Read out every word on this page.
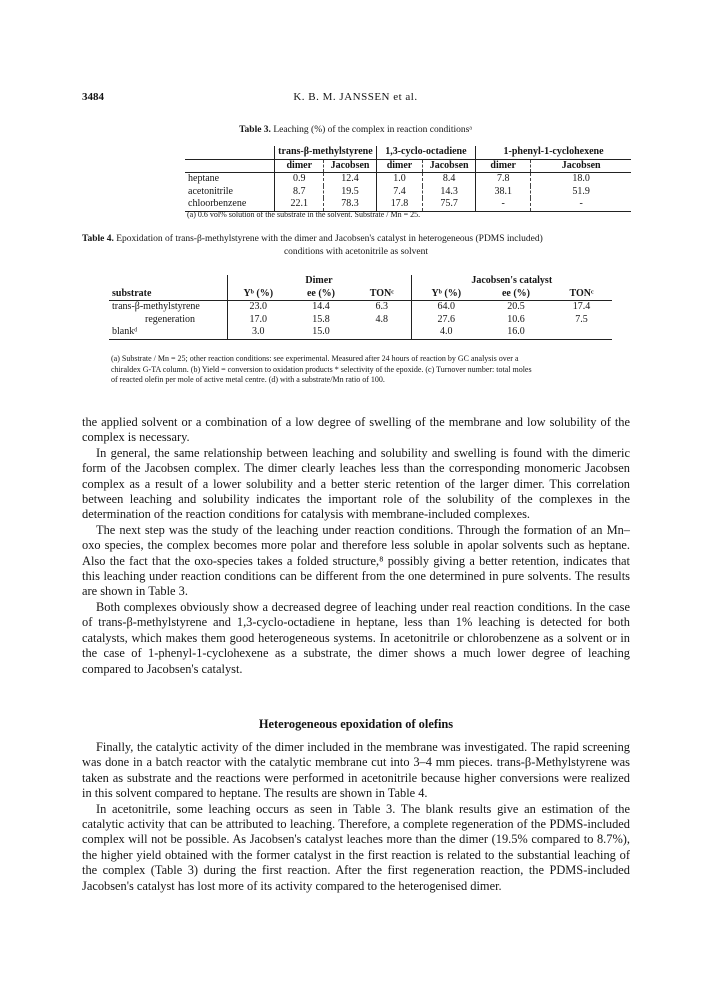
3484	K. B. M. JANSSEN et al.
Table 3. Leaching (%) of the complex in reaction conditionsᵃ
	trans-β-methylstyrene		1,3-cyclo-octadiene		1-phenyl-1-cyclohexene	
	dimer	Jacobsen	dimer	Jacobsen	dimer	Jacobsen
heptane	0.9	12.4	1.0	8.4	7.8	18.0
acetonitrile	8.7	19.5	7.4	14.3	38.1	51.9
chloorbenzene	22.1	78.3	17.8	75.7	-	-
(a) 0.6 vol% solution of the substrate in the solvent. Substrate / Mn = 25.
Table 4. Epoxidation of trans-β-methylstyrene with the dimer and Jacobsen's catalyst in heterogeneous (PDMS included)
conditions with acetonitrile as solvent
	Dimer			Jacobsen's catalyst		
substrate	Yᵇ (%)	ee (%)	TONᶜ	Yᵇ (%)	ee (%)	TONᶜ
trans-β-methylstyrene	23.0	14.4	6.3	64.0	20.5	17.4
regeneration	17.0	15.8	4.8	27.6	10.6	7.5
blankᵈ	3.0	15.0		4.0	16.0	
(a) Substrate / Mn = 25; other reaction conditions: see experimental. Measured after 24 hours of reaction by GC analysis over a
chiraldex G-TA column. (b) Yield = conversion to oxidation products * selectivity of the epoxide. (c) Turnover number: total moles
of reacted olefin per mole of active metal centre. (d) with a substrate/Mn ratio of 100.

the applied solvent or a combination of a low degree of swelling of the membrane and low solubility of the complex is necessary.

In general, the same relationship between leaching and solubility and swelling is found with the dimeric form of the Jacobsen complex. The dimer clearly leaches less than the corresponding monomeric Jacobsen complex as a result of a lower solubility and a better steric retention of the larger dimer. This correlation between leaching and solubility indicates the important role of the solubility of the complexes in the determination of the reaction conditions for catalysis with membrane-included complexes.

The next step was the study of the leaching under reaction conditions. Through the formation of an Mn–oxo species, the complex becomes more polar and therefore less soluble in apolar solvents such as heptane. Also the fact that the oxo-species takes a folded structure,⁸ possibly giving a better retention, indicates that this leaching under reaction conditions can be different from the one determined in pure solvents. The results are shown in Table 3.

Both complexes obviously show a decreased degree of leaching under real reaction conditions. In the case of trans-β-methylstyrene and 1,3-cyclo-octadiene in heptane, less than 1% leaching is detected for both catalysts, which makes them good heterogeneous systems. In acetonitrile or chlorobenzene as a solvent or in the case of 1-phenyl-1-cyclohexene as a substrate, the dimer shows a much lower degree of leaching compared to Jacobsen's catalyst.

Heterogeneous epoxidation of olefins

Finally, the catalytic activity of the dimer included in the membrane was investigated. The rapid screening was done in a batch reactor with the catalytic membrane cut into 3–4 mm pieces. trans-β-Methylstyrene was taken as substrate and the reactions were performed in acetonitrile because higher conversions were realized in this solvent compared to heptane. The results are shown in Table 4.

In acetonitrile, some leaching occurs as seen in Table 3. The blank results give an estimation of the catalytic activity that can be attributed to leaching. Therefore, a complete regeneration of the PDMS-included complex will not be possible. As Jacobsen's catalyst leaches more than the dimer (19.5% compared to 8.7%), the higher yield obtained with the former catalyst in the first reaction is related to the substantial leaching of the complex (Table 3) during the first reaction. After the first regeneration reaction, the PDMS-included Jacobsen's catalyst has lost more of its activity compared to the heterogenised dimer.
